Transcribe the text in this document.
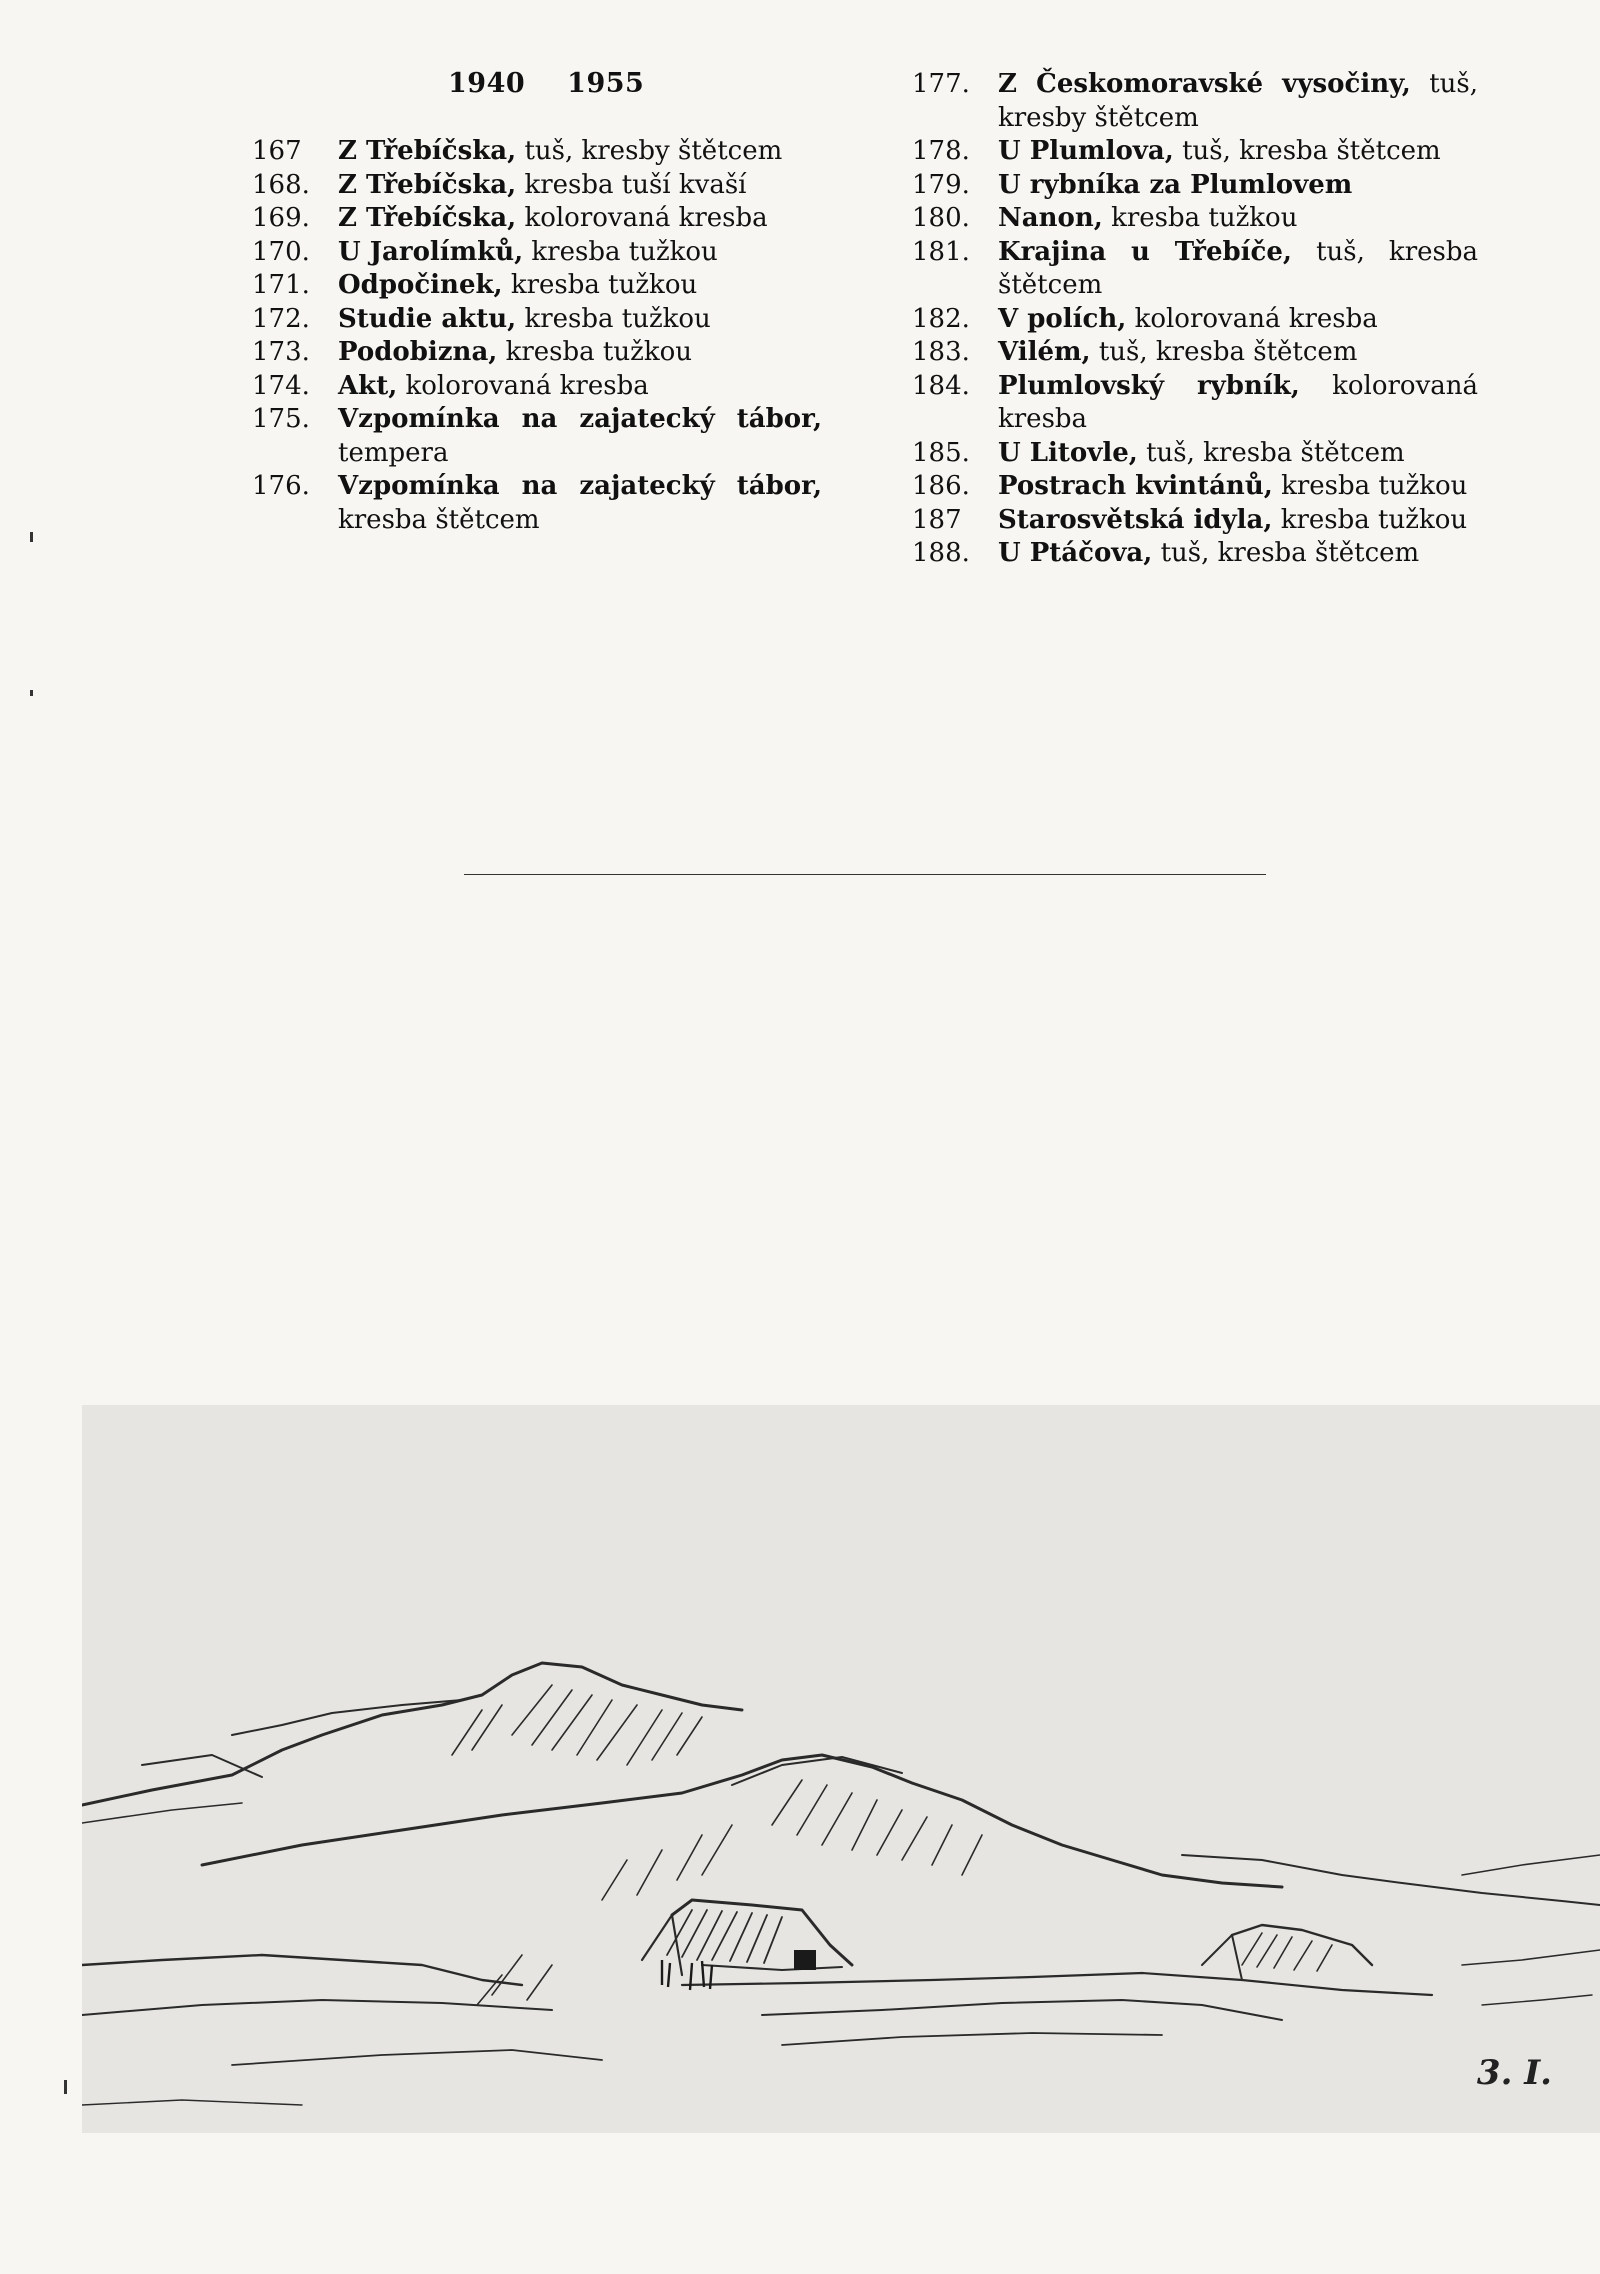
1940 1955
167	Z Třebíčska, tuš, kresby štětcem
168.	Z Třebíčska, kresba tuší kvaší
169.	Z Třebíčska, kolorovaná kresba
170.	U Jarolímků, kresba tužkou
171.	Odpočinek, kresba tužkou
172.	Studie aktu, kresba tužkou
173.	Podobizna, kresba tužkou
174.	Akt, kolorovaná kresba
175.	Vzpomínka na zajatecký tábor, tempera
176.	Vzpomínka na zajatecký tábor, kresba štětcem
177.	Z Českomoravské vysočiny, tuš, kresby štětcem
178.	U Plumlova, tuš, kresba štětcem
179.	U rybníka za Plumlovem
180.	Nanon, kresba tužkou
181.	Krajina u Třebíče, tuš, kresba štětcem
182.	V polích, kolorovaná kresba
183.	Vilém, tuš, kresba štětcem
184.	Plumlovský rybník, kolorovaná kresba
185.	U Litovle, tuš, kresba štětcem
186.	Postrach kvintánů, kresba tužkou
187	Starosvětská idyla, kresba tužkou
188.	U Ptáčova, tuš, kresba štětcem
3. I.
